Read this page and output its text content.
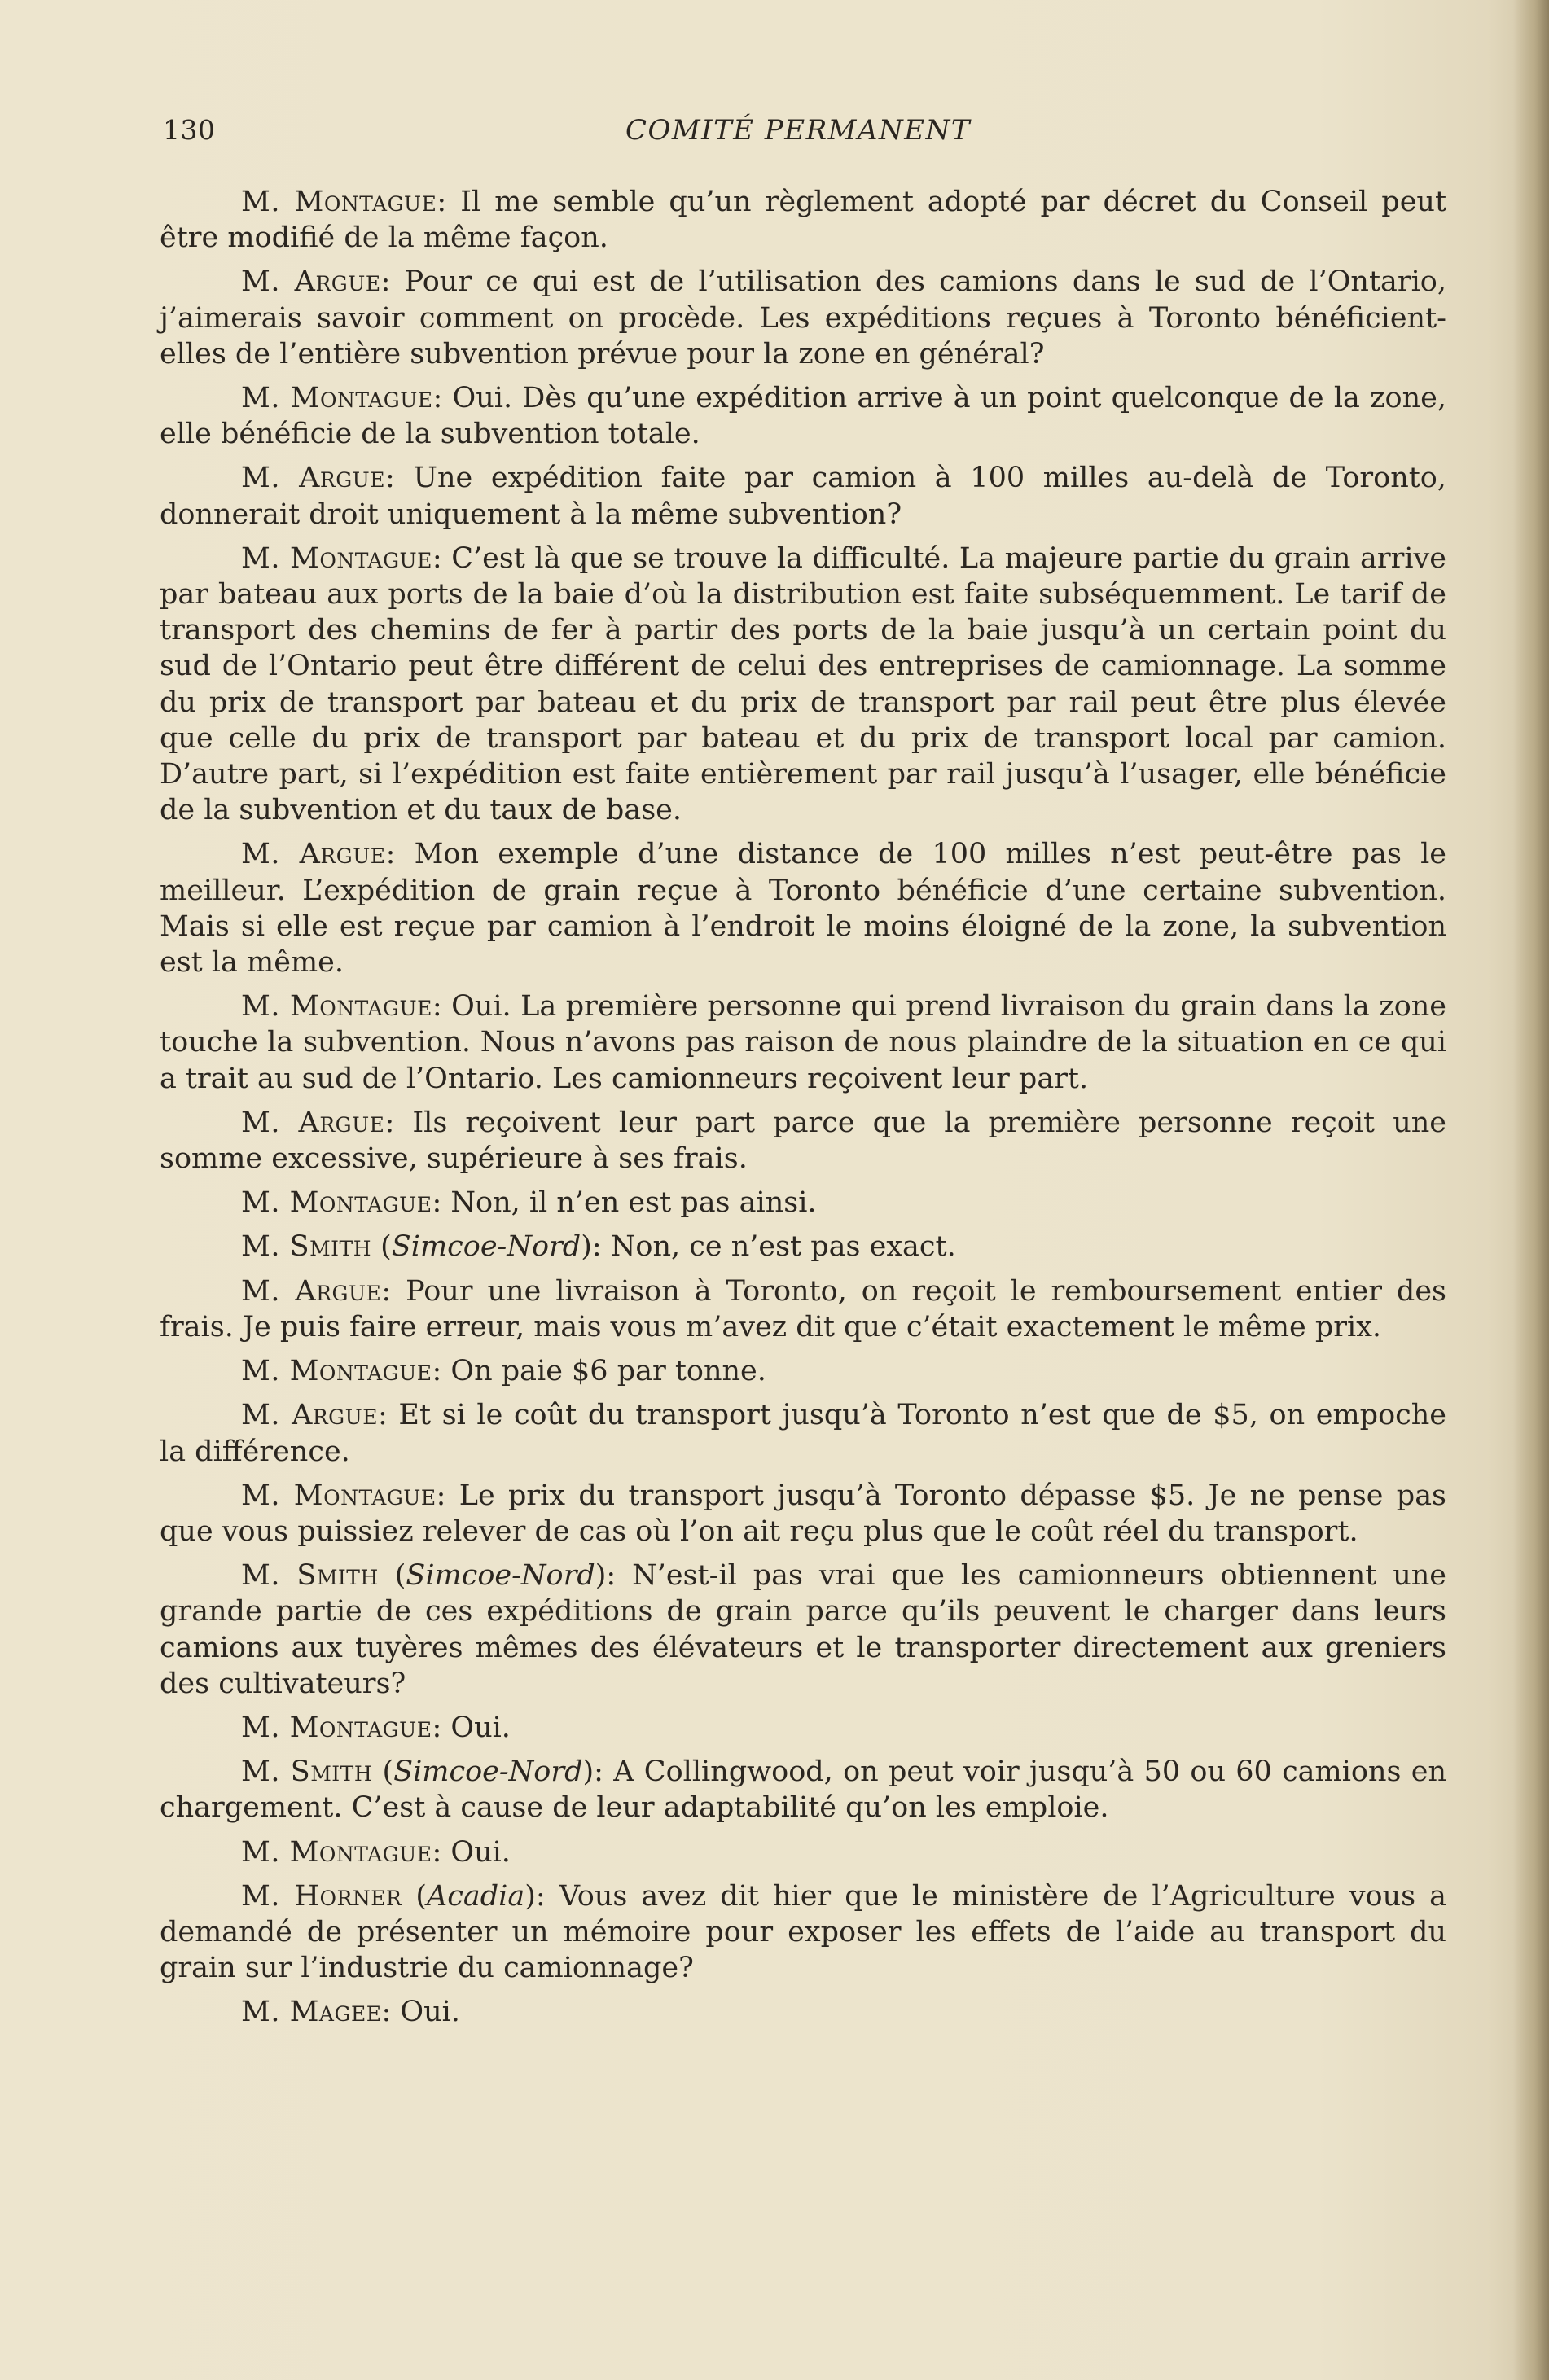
130	COMITÉ PERMANENT

M. Montague: Il me semble qu’un règlement adopté par décret du Conseil peut être modifié de la même façon.

M. Argue: Pour ce qui est de l’utilisation des camions dans le sud de l’Ontario, j’aimerais savoir comment on procède. Les expéditions reçues à Toronto bénéficient-elles de l’entière subvention prévue pour la zone en général?

M. Montague: Oui. Dès qu’une expédition arrive à un point quelconque de la zone, elle bénéficie de la subvention totale.

M. Argue: Une expédition faite par camion à 100 milles au-delà de Toronto, donnerait droit uniquement à la même subvention?

M. Montague: C’est là que se trouve la difficulté. La majeure partie du grain arrive par bateau aux ports de la baie d’où la distribution est faite subséquemment. Le tarif de transport des chemins de fer à partir des ports de la baie jusqu’à un certain point du sud de l’Ontario peut être différent de celui des entreprises de camionnage. La somme du prix de transport par bateau et du prix de transport par rail peut être plus élevée que celle du prix de transport par bateau et du prix de transport local par camion. D’autre part, si l’expédition est faite entièrement par rail jusqu’à l’usager, elle bénéficie de la subvention et du taux de base.

M. Argue: Mon exemple d’une distance de 100 milles n’est peut-être pas le meilleur. L’expédition de grain reçue à Toronto bénéficie d’une certaine subvention. Mais si elle est reçue par camion à l’endroit le moins éloigné de la zone, la subvention est la même.

M. Montague: Oui. La première personne qui prend livraison du grain dans la zone touche la subvention. Nous n’avons pas raison de nous plaindre de la situation en ce qui a trait au sud de l’Ontario. Les camionneurs reçoivent leur part.

M. Argue: Ils reçoivent leur part parce que la première personne reçoit une somme excessive, supérieure à ses frais.

M. Montague: Non, il n’en est pas ainsi.

M. Smith (Simcoe-Nord): Non, ce n’est pas exact.

M. Argue: Pour une livraison à Toronto, on reçoit le remboursement entier des frais. Je puis faire erreur, mais vous m’avez dit que c’était exactement le même prix.

M. Montague: On paie $6 par tonne.

M. Argue: Et si le coût du transport jusqu’à Toronto n’est que de $5, on empoche la différence.

M. Montague: Le prix du transport jusqu’à Toronto dépasse $5. Je ne pense pas que vous puissiez relever de cas où l’on ait reçu plus que le coût réel du transport.

M. Smith (Simcoe-Nord): N’est-il pas vrai que les camionneurs obtiennent une grande partie de ces expéditions de grain parce qu’ils peuvent le charger dans leurs camions aux tuyères mêmes des élévateurs et le transporter directement aux greniers des cultivateurs?

M. Montague: Oui.

M. Smith (Simcoe-Nord): A Collingwood, on peut voir jusqu’à 50 ou 60 camions en chargement. C’est à cause de leur adaptabilité qu’on les emploie.

M. Montague: Oui.

M. Horner (Acadia): Vous avez dit hier que le ministère de l’Agriculture vous a demandé de présenter un mémoire pour exposer les effets de l’aide au transport du grain sur l’industrie du camionnage?

M. Magee: Oui.
